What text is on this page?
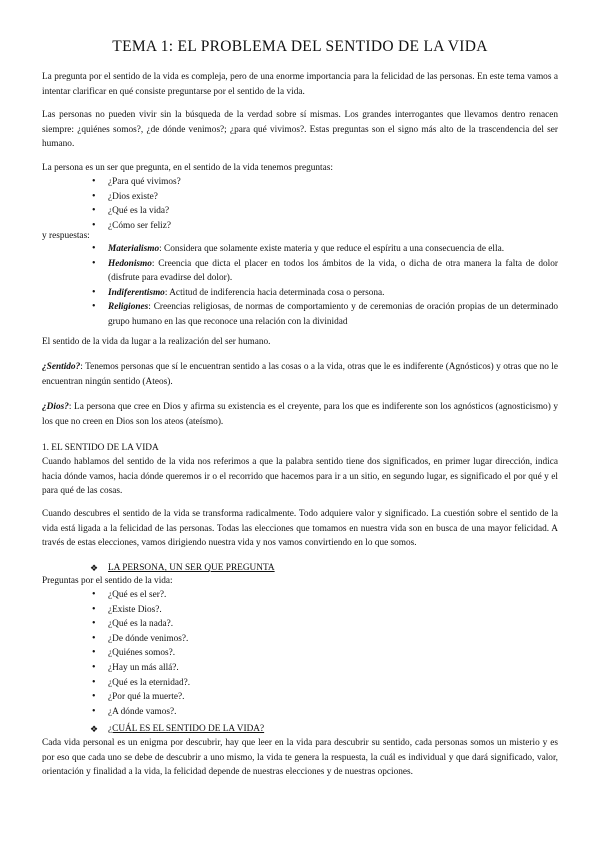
TEMA 1: EL PROBLEMA DEL SENTIDO DE LA VIDA

La pregunta por el sentido de la vida es compleja, pero de una enorme importancia para la felicidad de las personas. En este tema vamos a intentar clarificar en qué consiste preguntarse por el sentido de la vida.

Las personas no pueden vivir sin la búsqueda de la verdad sobre sí mismas. Los grandes interrogantes que llevamos dentro renacen siempre: ¿quiénes somos?, ¿de dónde venimos?; ¿para qué vivimos?. Estas preguntas son el signo más alto de la trascendencia del ser humano.

La persona es un ser que pregunta, en el sentido de la vida tenemos preguntas:

• ¿Para qué vivimos?
• ¿Dios existe?
• ¿Qué es la vida?
• ¿Cómo ser feliz?
y respuestas:
• Materialismo: Considera que solamente existe materia y que reduce el espíritu a una consecuencia de ella.
• Hedonismo: Creencia que dicta el placer en todos los ámbitos de la vida, o dicha de otra manera la falta de dolor (disfrute para evadirse del dolor).
• Indiferentismo: Actitud de indiferencia hacia determinada cosa o persona.
• Religiones: Creencias religiosas, de normas de comportamiento y de ceremonias de oración propias de un determinado grupo humano en las que reconoce una relación con la divinidad
El sentido de la vida da lugar a la realización del ser humano.
¿Sentido?: Tenemos personas que sí le encuentran sentido a las cosas o a la vida, otras que le es indiferente (Agnósticos) y otras que no le encuentran ningún sentido (Ateos).
¿Dios?: La persona que cree en Dios y afirma su existencia es el creyente, para los que es indiferente son los agnósticos (agnosticismo) y los que no creen en Dios son los ateos (ateísmo).
1. EL SENTIDO DE LA VIDA
Cuando hablamos del sentido de la vida nos referimos a que la palabra sentido tiene dos significados, en primer lugar dirección, indica hacia dónde vamos, hacia dónde queremos ir o el recorrido que hacemos para ir a un sitio, en segundo lugar, es significado el por qué y el para qué de las cosas.
Cuando descubres el sentido de la vida se transforma radicalmente. Todo adquiere valor y significado. La cuestión sobre el sentido de la vida está ligada a la felicidad de las personas. Todas las elecciones que tomamos en nuestra vida son en busca de una mayor felicidad. A través de estas elecciones, vamos dirigiendo nuestra vida y nos vamos convirtiendo en lo que somos.
❖ LA PERSONA, UN SER QUE PREGUNTA
Preguntas por el sentido de la vida:
• ¿Qué es el ser?.
• ¿Existe Dios?.
• ¿Qué es la nada?.
• ¿De dónde venimos?.
• ¿Quiénes somos?.
• ¿Hay un más allá?.
• ¿Qué es la eternidad?.
• ¿Por qué la muerte?.
• ¿A dónde vamos?.
❖ ¿CUÁL ES EL SENTIDO DE LA VIDA?
Cada vida personal es un enigma por descubrir, hay que leer en la vida para descubrir su sentido, cada personas somos un misterio y es por eso que cada uno se debe de descubrir a uno mismo, la vida te genera la respuesta, la cuál es individual y que dará significado, valor, orientación y finalidad a la vida, la felicidad depende de nuestras elecciones y de nuestras opciones.
